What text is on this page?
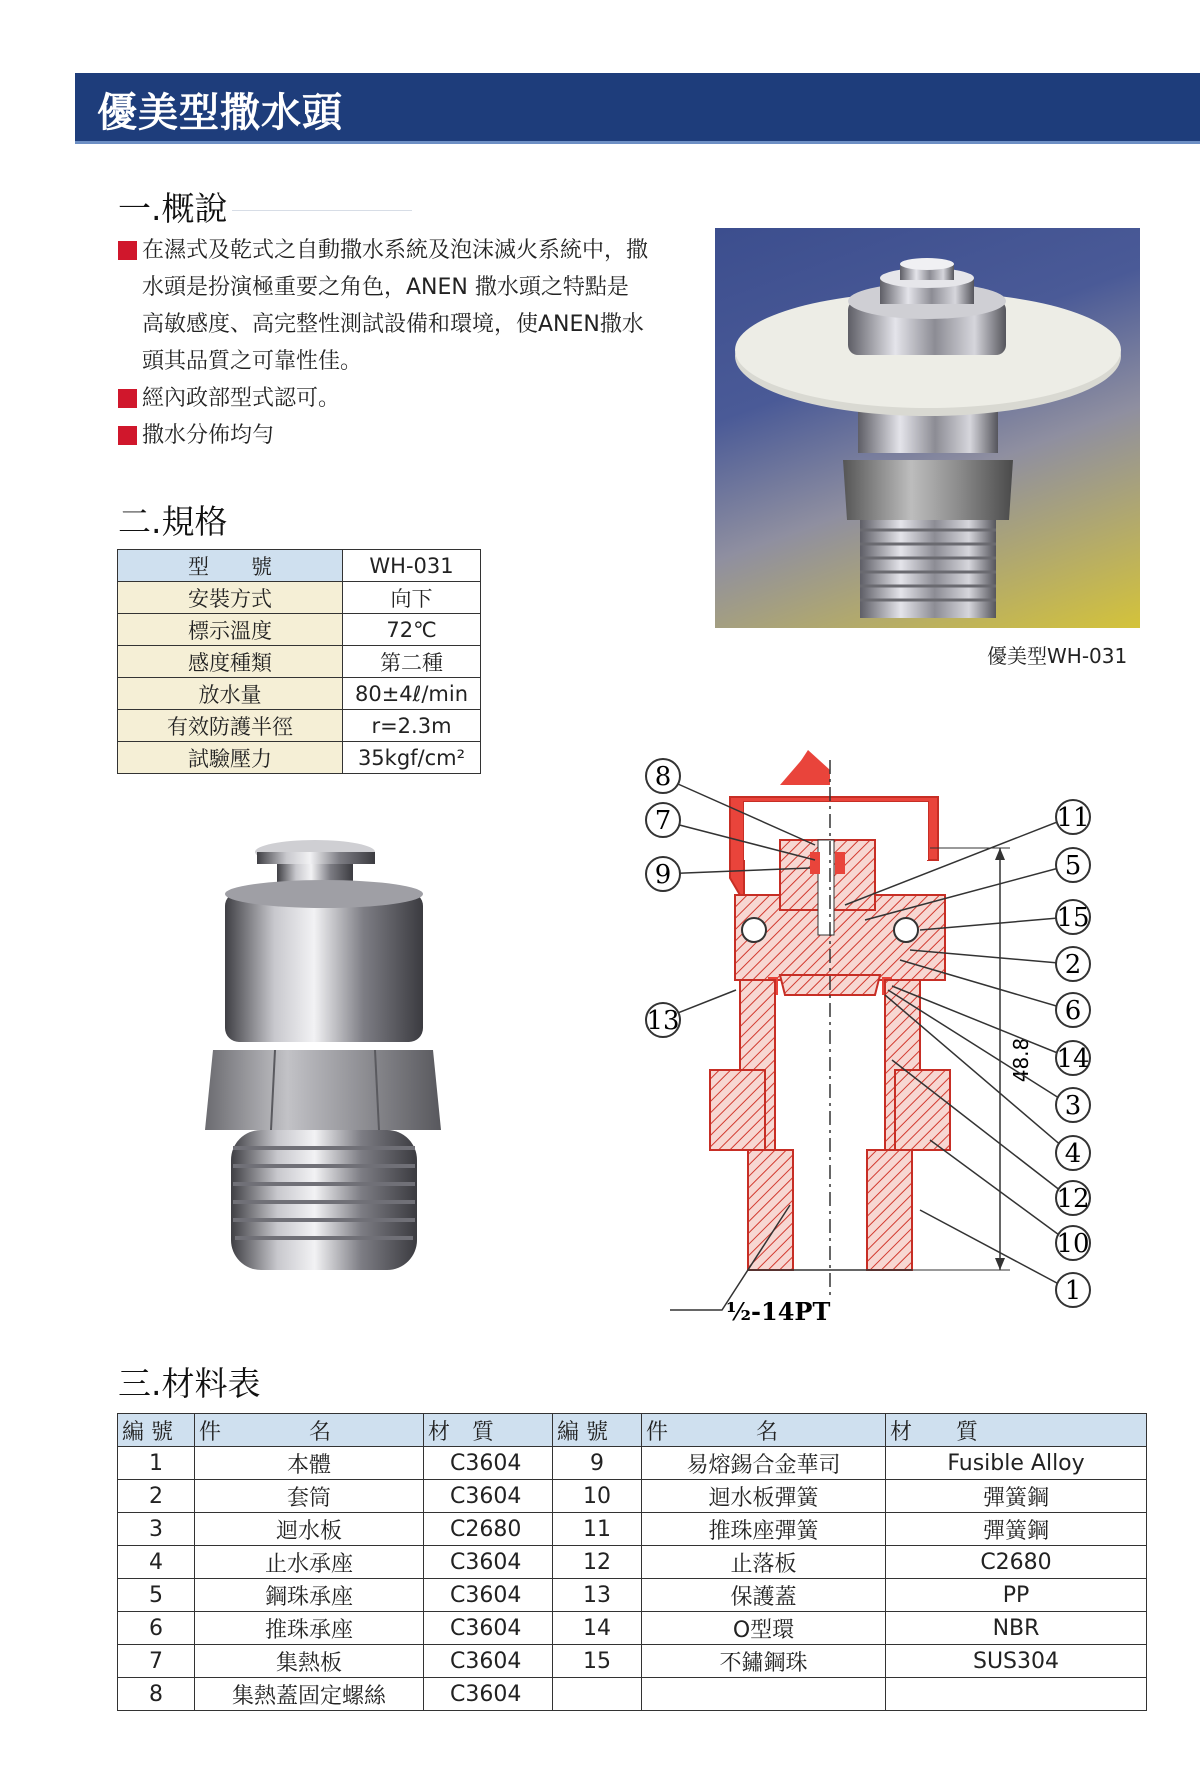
優美型撒水頭
一.概說

在濕式及乾式之自動撒水系統及泡沫滅火系統中，撒水頭是扮演極重要之角色，ANEN 撒水頭之特點是高敏感度、高完整性測試設備和環境，使ANEN撒水頭其品質之可靠性佳。

經內政部型式認可。

撒水分佈均勻

優美型WH-031
二.規格
型　　號	WH-031
安裝方式	向下
標示溫度	72℃
感度種類	第二種
放水量	80±4ℓ/min
有效防護半徑	r=2.3m
試驗壓力	35kgf/cm²
48.8
8
7
9
13
11
5
15
2
6
14
3
4
12
10
1
½-14PT
三.材料表
編 號	件　　　　名	材　質	編 號	件　　　　名	材　　質
1	本體	C3604	9	易熔錫合金華司	Fusible Alloy
2	套筒	C3604	10	迴水板彈簧	彈簧鋼
3	迴水板	C2680	11	推珠座彈簧	彈簧鋼
4	止水承座	C3604	12	止落板	C2680
5	鋼珠承座	C3604	13	保護蓋	PP
6	推珠承座	C3604	14	O型環	NBR
7	集熱板	C3604	15	不鏽鋼珠	SUS304
8	集熱蓋固定螺絲	C3604			
